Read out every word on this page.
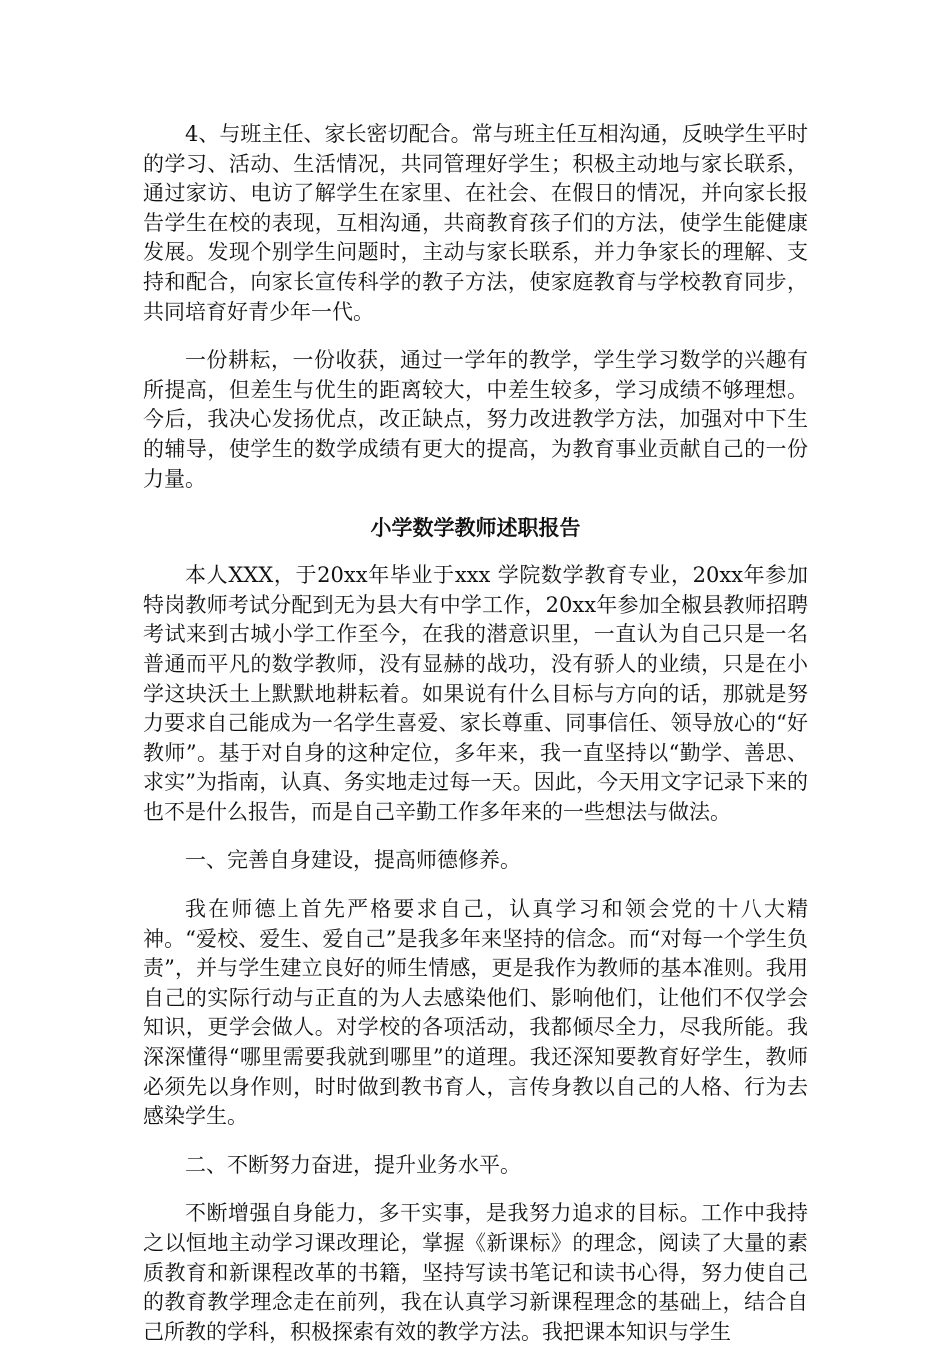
4、与班主任、家长密切配合。常与班主任互相沟通，反映学生平时的学习、活动、生活情况，共同管理好学生；积极主动地与家长联系，通过家访、电访了解学生在家里、在社会、在假日的情况，并向家长报告学生在校的表现，互相沟通，共商教育孩子们的方法，使学生能健康发展。发现个别学生问题时，主动与家长联系，并力争家长的理解、支持和配合，向家长宣传科学的教子方法，使家庭教育与学校教育同步，共同培育好青少年一代。

一份耕耘，一份收获，通过一学年的教学，学生学习数学的兴趣有所提高，但差生与优生的距离较大，中差生较多，学习成绩不够理想。今后，我决心发扬优点，改正缺点，努力改进教学方法，加强对中下生的辅导，使学生的数学成绩有更大的提高，为教育事业贡献自己的一份力量。

小学数学教师述职报告

本人XXX，于20xx年毕业于xxx 学院数学教育专业，20xx年参加特岗教师考试分配到无为县大有中学工作，20xx年参加全椒县教师招聘考试来到古城小学工作至今，在我的潜意识里，一直认为自己只是一名普通而平凡的数学教师，没有显赫的战功，没有骄人的业绩，只是在小学这块沃土上默默地耕耘着。如果说有什么目标与方向的话，那就是努力要求自己能成为一名学生喜爱、家长尊重、同事信任、领导放心的“好教师”。基于对自身的这种定位，多年来，我一直坚持以“勤学、善思、求实”为指南，认真、务实地走过每一天。因此，今天用文字记录下来的也不是什么报告，而是自己辛勤工作多年来的一些想法与做法。

一、完善自身建设，提高师德修养。

我在师德上首先严格要求自己，认真学习和领会党的十八大精神。“爱校、爱生、爱自己”是我多年来坚持的信念。而“对每一个学生负责”，并与学生建立良好的师生情感，更是我作为教师的基本准则。我用自己的实际行动与正直的为人去感染他们、影响他们，让他们不仅学会知识，更学会做人。对学校的各项活动，我都倾尽全力，尽我所能。我深深懂得“哪里需要我就到哪里”的道理。我还深知要教育好学生，教师必须先以身作则，时时做到教书育人，言传身教以自己的人格、行为去感染学生。

二、不断努力奋进，提升业务水平。

不断增强自身能力，多干实事，是我努力追求的目标。工作中我持之以恒地主动学习课改理论，掌握《新课标》的理念，阅读了大量的素质教育和新课程改革的书籍，坚持写读书笔记和读书心得，努力使自己的教育教学理念走在前列，我在认真学习新课程理念的基础上，结合自己所教的学科，积极探索有效的教学方法。我把课本知识与学生
